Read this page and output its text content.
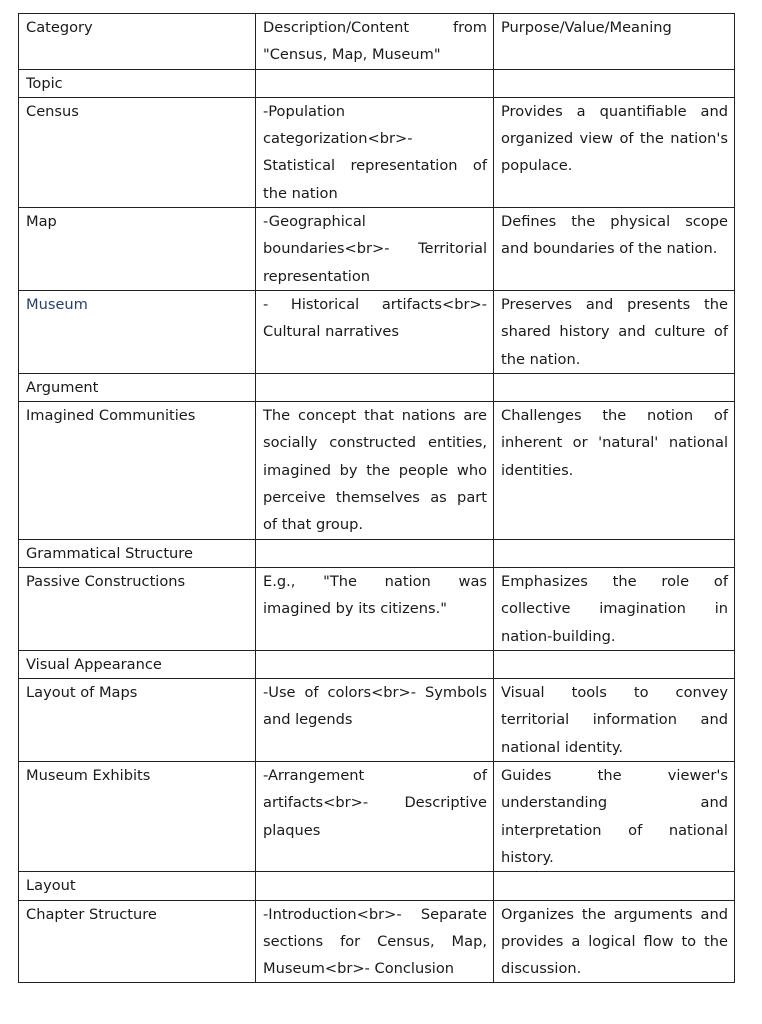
Category	Description/Content from "Census, Map, Museum"	Purpose/Value/Meaning
Topic		
Census	-Population categorization<br>- Statistical representation of the nation	Provides a quantifiable and organized view of the nation's populace.
Map	-Geographical boundaries<br>- Territorial representation	Defines the physical scope and boundaries of the nation.
Museum	- Historical artifacts<br>- Cultural narratives	Preserves and presents the shared history and culture of the nation.
Argument		
Imagined Communities	The concept that nations are socially constructed entities, imagined by the people who perceive themselves as part of that group.	Challenges the notion of inherent or 'natural' national identities.
Grammatical Structure		
Passive Constructions	E.g., "The nation was imagined by its citizens."	Emphasizes the role of collective imagination in nation-building.
Visual Appearance		
Layout of Maps	-Use of colors<br>- Symbols and legends	Visual tools to convey territorial information and national identity.
Museum Exhibits	-Arrangement of artifacts<br>- Descriptive plaques	Guides the viewer's understanding and interpretation of national history.
Layout		
Chapter Structure	-Introduction<br>- Separate sections for Census, Map, Museum<br>- Conclusion	Organizes the arguments and provides a logical flow to the discussion.
